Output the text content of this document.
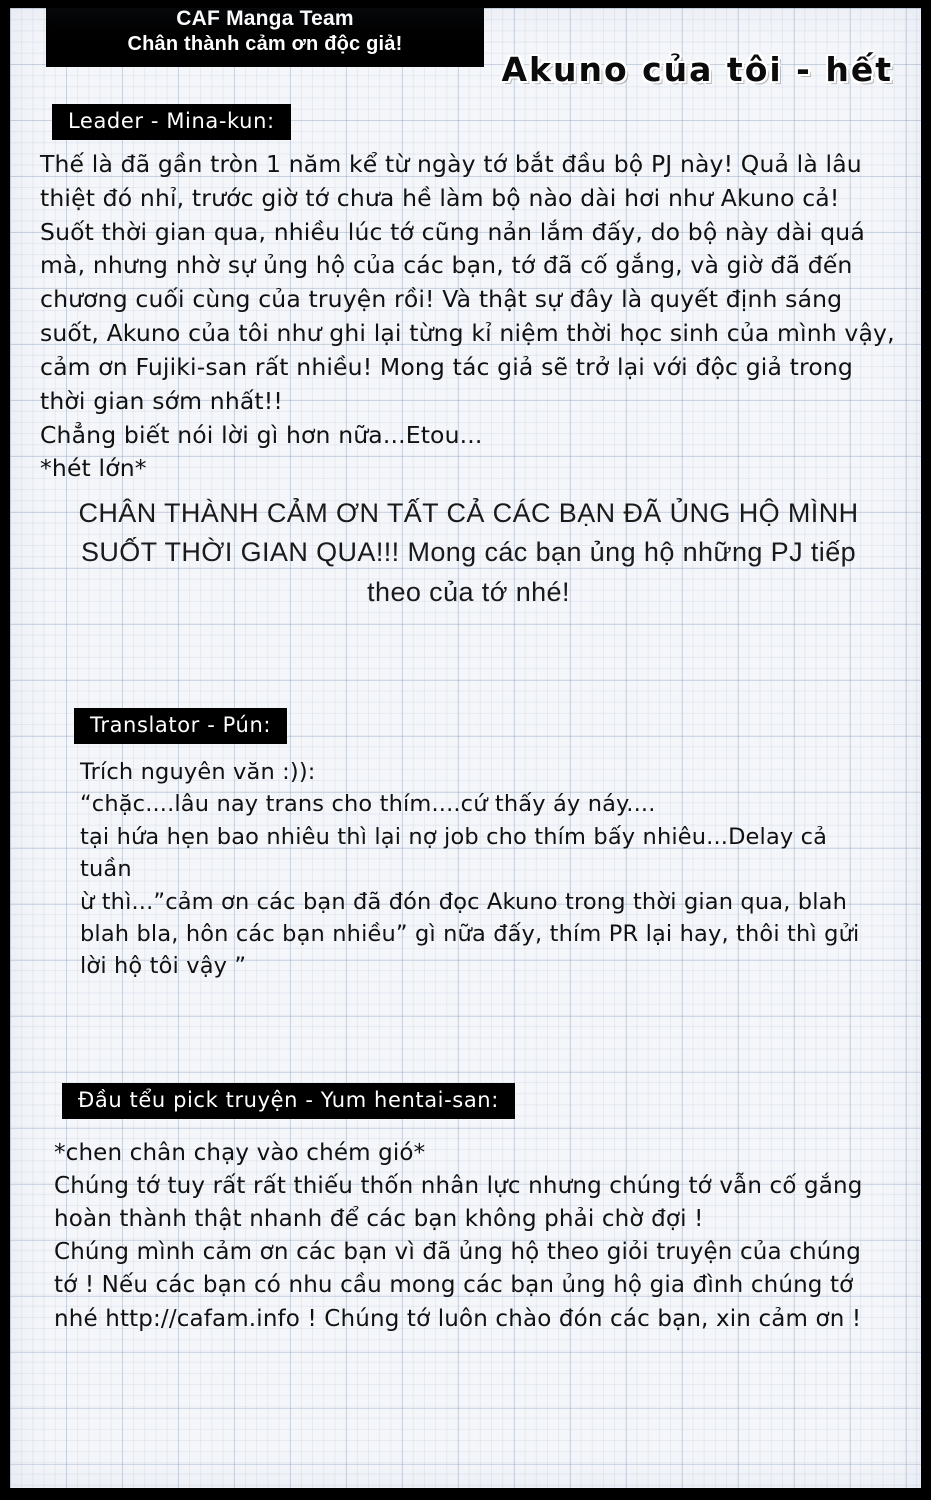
CAF Manga Team
Chân thành cảm ơn độc giả!
Akuno của tôi - hết
Leader - Mina-kun:

Thế là đã gần tròn 1 năm kể từ ngày tớ bắt đầu bộ PJ này! Quả là lâu thiệt đó nhỉ, trước giờ tớ chưa hề làm bộ nào dài hơi như Akuno cả!

Suốt thời gian qua, nhiều lúc tớ cũng nản lắm đấy, do bộ này dài quá mà, nhưng nhờ sự ủng hộ của các bạn, tớ đã cố gắng, và giờ đã đến chương cuối cùng của truyện rồi! Và thật sự đây là quyết định sáng suốt, Akuno của tôi như ghi lại từng kỉ niệm thời học sinh của mình vậy, cảm ơn Fujiki-san rất nhiều! Mong tác giả sẽ trở lại với độc giả trong thời gian sớm nhất!!

Chẳng biết nói lời gì hơn nữa...Etou...

*hét lớn*

CHÂN THÀNH CẢM ƠN TẤT CẢ CÁC BẠN ĐÃ ỦNG HỘ MÌNH SUỐT THỜI GIAN QUA!!! Mong các bạn ủng hộ những PJ tiếp theo của tớ nhé!
Translator - Pún:

Trích nguyên văn :)):

“chặc....lâu nay trans cho thím....cứ thấy áy náy....

tại hứa hẹn bao nhiêu thì lại nợ job cho thím bấy nhiêu...Delay cả tuần

ừ thì...”cảm ơn các bạn đã đón đọc Akuno trong thời gian qua, blah blah bla, hôn các bạn nhiều” gì nữa đấy, thím PR lại hay, thôi thì gửi lời hộ tôi vậy ”

Đầu tểu pick truyện - Yum hentai-san:

*chen chân chạy vào chém gió*

Chúng tớ tuy rất rất thiếu thốn nhân lực nhưng chúng tớ vẫn cố gắng hoàn thành thật nhanh để các bạn không phải chờ đợi !

Chúng mình cảm ơn các bạn vì đã ủng hộ theo giỏi truyện của chúng tớ ! Nếu các bạn có nhu cầu mong các bạn ủng hộ gia đình chúng tớ nhé http://cafam.info ! Chúng tớ luôn chào đón các bạn, xin cảm ơn !
